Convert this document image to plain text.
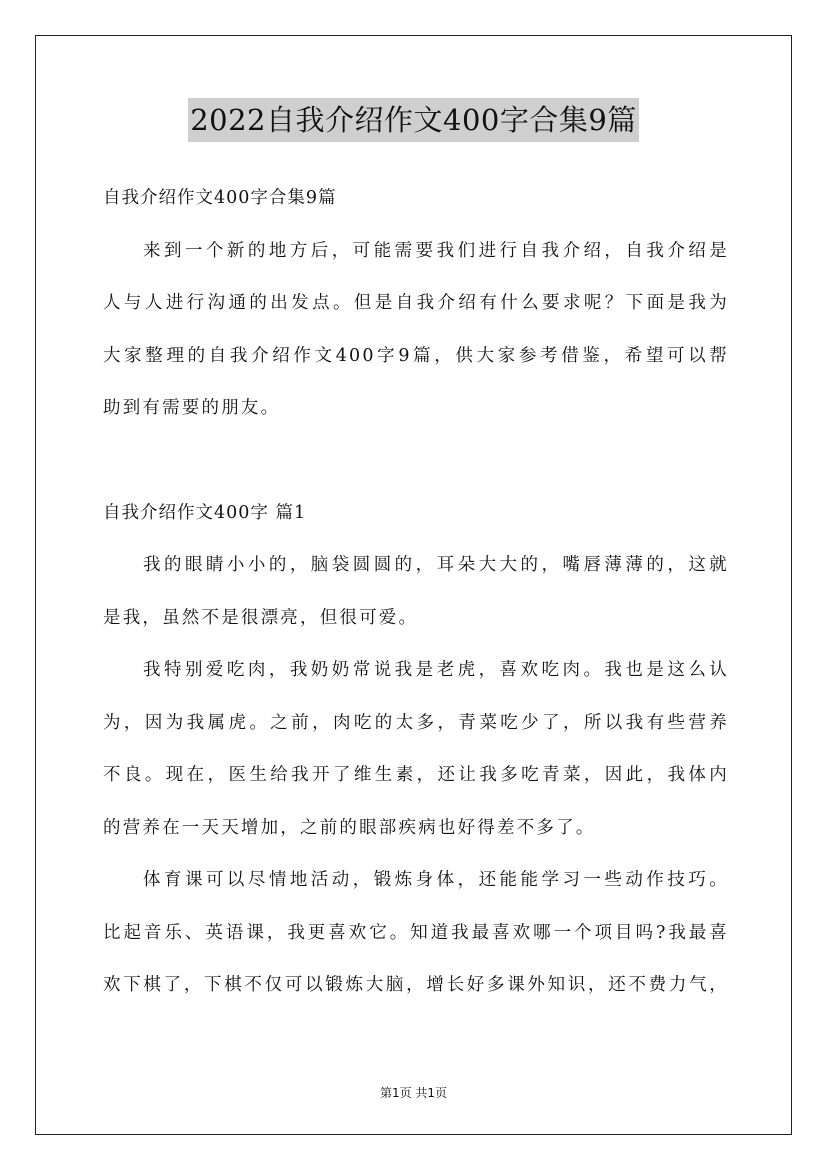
2022自我介绍作文400字合集9篇
自我介绍作文400字合集9篇
来到一个新的地方后，可能需要我们进行自我介绍，自我介绍是
人与人进行沟通的出发点。但是自我介绍有什么要求呢？下面是我为
大家整理的自我介绍作文400字9篇，供大家参考借鉴，希望可以帮
助到有需要的朋友。
自我介绍作文400字 篇1
我的眼睛小小的，脑袋圆圆的，耳朵大大的，嘴唇薄薄的，这就
是我，虽然不是很漂亮，但很可爱。
我特别爱吃肉，我奶奶常说我是老虎，喜欢吃肉。我也是这么认
为，因为我属虎。之前，肉吃的太多，青菜吃少了，所以我有些营养
不良。现在，医生给我开了维生素，还让我多吃青菜，因此，我体内
的营养在一天天增加，之前的眼部疾病也好得差不多了。
体育课可以尽情地活动，锻炼身体，还能能学习一些动作技巧。
比起音乐、英语课，我更喜欢它。知道我最喜欢哪一个项目吗?我最喜
欢下棋了，下棋不仅可以锻炼大脑，增长好多课外知识，还不费力气，
第1页 共1页
